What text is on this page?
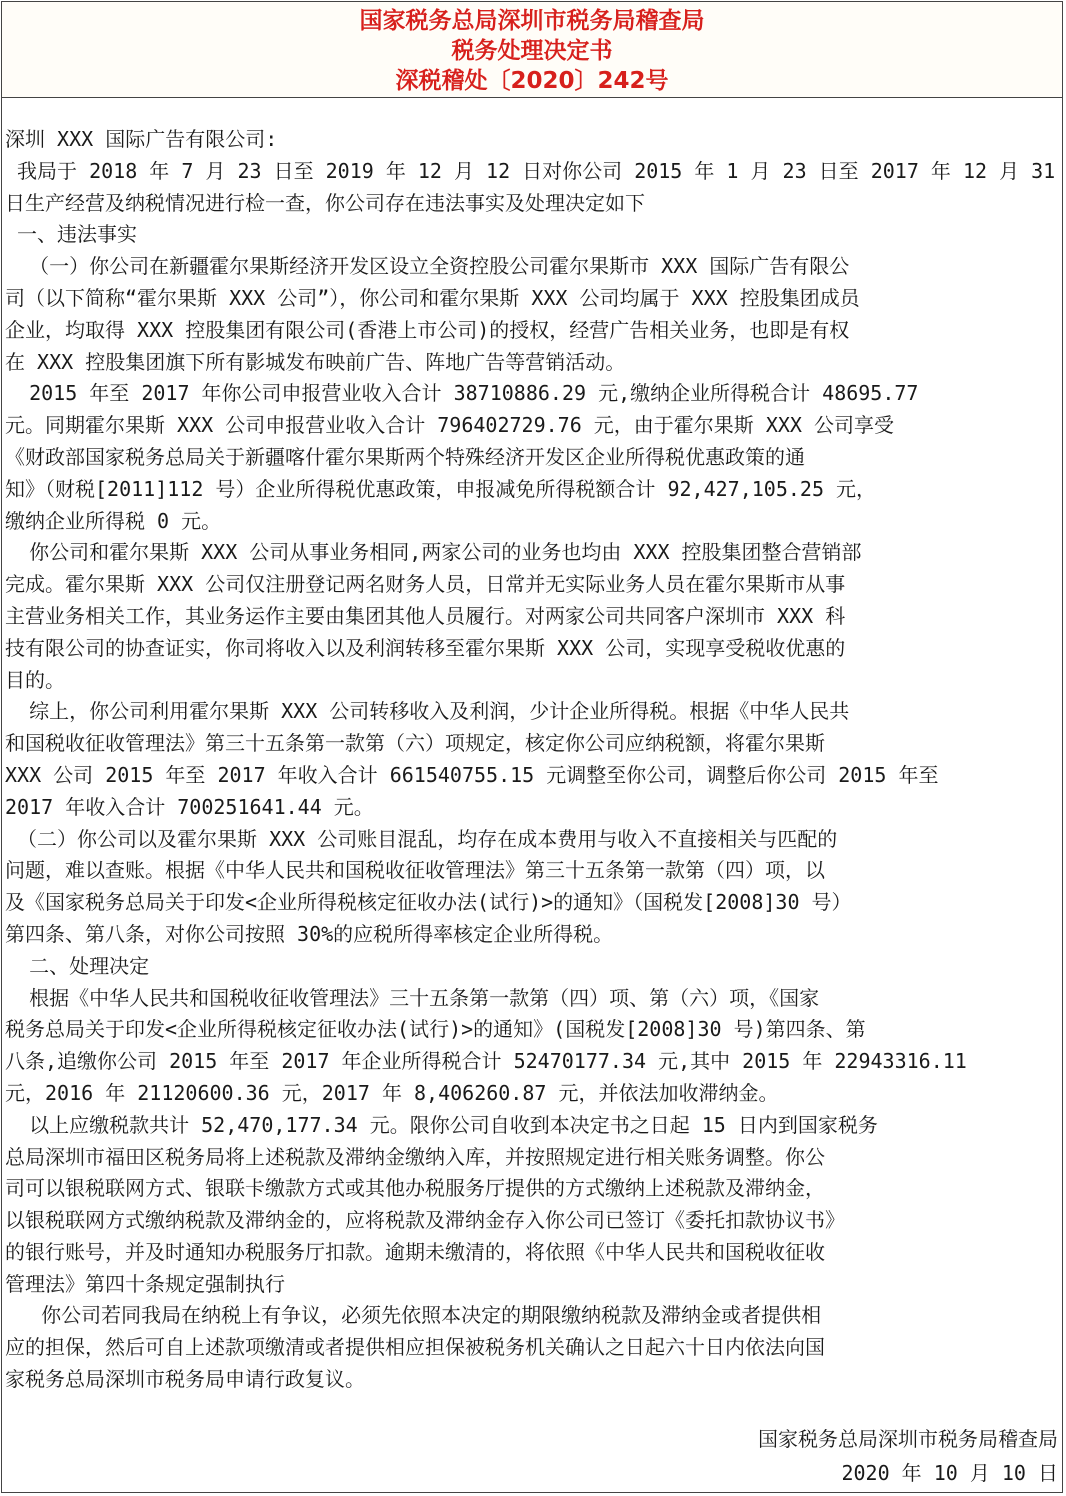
国家税务总局深圳市税务局稽查局
税务处理决定书
深税稽处〔2020〕242号
深圳 XXX 国际广告有限公司:
我局于 2018 年 7 月 23 日至 2019 年 12 月 12 日对你公司 2015 年 1 月 23 日至 2017 年 12 月 31
日生产经营及纳税情况进行检一查，你公司存在违法事实及处理决定如下
一、违法事实
（一）你公司在新疆霍尔果斯经济开发区设立全资控股公司霍尔果斯市 XXX 国际广告有限公
司（以下简称“霍尔果斯 XXX 公司”），你公司和霍尔果斯 XXX 公司均属于 XXX 控股集团成员
企业，均取得 XXX 控股集团有限公司(香港上市公司)的授权，经营广告相关业务，也即是有权
在 XXX 控股集团旗下所有影城发布映前广告、阵地广告等营销活动。
2015 年至 2017 年你公司申报营业收入合计 38710886.29 元,缴纳企业所得税合计 48695.77
元。同期霍尔果斯 XXX 公司申报营业收入合计 796402729.76 元，由于霍尔果斯 XXX 公司享受
《财政部国家税务总局关于新疆喀什霍尔果斯两个特殊经济开发区企业所得税优惠政策的通
知》（财税[2011]112 号）企业所得税优惠政策，申报减免所得税额合计 92,427,105.25 元，
缴纳企业所得税 0 元。
你公司和霍尔果斯 XXX 公司从事业务相同,两家公司的业务也均由 XXX 控股集团整合营销部
完成。霍尔果斯 XXX 公司仅注册登记两名财务人员，日常并无实际业务人员在霍尔果斯市从事
主营业务相关工作，其业务运作主要由集团其他人员履行。对两家公司共同客户深圳市 XXX 科
技有限公司的协查证实，你司将收入以及利润转移至霍尔果斯 XXX 公司，实现享受税收优惠的
目的。
综上，你公司利用霍尔果斯 XXX 公司转移收入及利润，少计企业所得税。根据《中华人民共
和国税收征收管理法》第三十五条第一款第（六）项规定，核定你公司应纳税额，将霍尔果斯
XXX 公司 2015 年至 2017 年收入合计 661540755.15 元调整至你公司，调整后你公司 2015 年至
2017 年收入合计 700251641.44 元。
（二）你公司以及霍尔果斯 XXX 公司账目混乱，均存在成本费用与收入不直接相关与匹配的
问题，难以查账。根据《中华人民共和国税收征收管理法》第三十五条第一款第（四）项，以
及《国家税务总局关于印发<企业所得税核定征收办法(试行)>的通知》（国税发[2008]30 号）
第四条、第八条，对你公司按照 30%的应税所得率核定企业所得税。
二、处理决定
根据《中华人民共和国税收征收管理法》三十五条第一款第（四）项、第（六）项，《国家
税务总局关于印发<企业所得税核定征收办法(试行)>的通知》(国税发[2008]30 号)第四条、第
八条,追缴你公司 2015 年至 2017 年企业所得税合计 52470177.34 元,其中 2015 年 22943316.11
元，2016 年 21120600.36 元，2017 年 8,406260.87 元，并依法加收滞纳金。
以上应缴税款共计 52,470,177.34 元。限你公司自收到本决定书之日起 15 日内到国家税务
总局深圳市福田区税务局将上述税款及滞纳金缴纳入库，并按照规定进行相关账务调整。你公
司可以银税联网方式、银联卡缴款方式或其他办税服务厅提供的方式缴纳上述税款及滞纳金，
以银税联网方式缴纳税款及滞纳金的，应将税款及滞纳金存入你公司已签订《委托扣款协议书》
的银行账号，并及时通知办税服务厅扣款。逾期未缴清的，将依照《中华人民共和国税收征收
管理法》第四十条规定强制执行
你公司若同我局在纳税上有争议，必须先依照本决定的期限缴纳税款及滞纳金或者提供相
应的担保，然后可自上述款项缴清或者提供相应担保被税务机关确认之日起六十日内依法向国
家税务总局深圳市税务局申请行政复议。
国家税务总局深圳市税务局稽查局
2020 年 10 月 10 日
